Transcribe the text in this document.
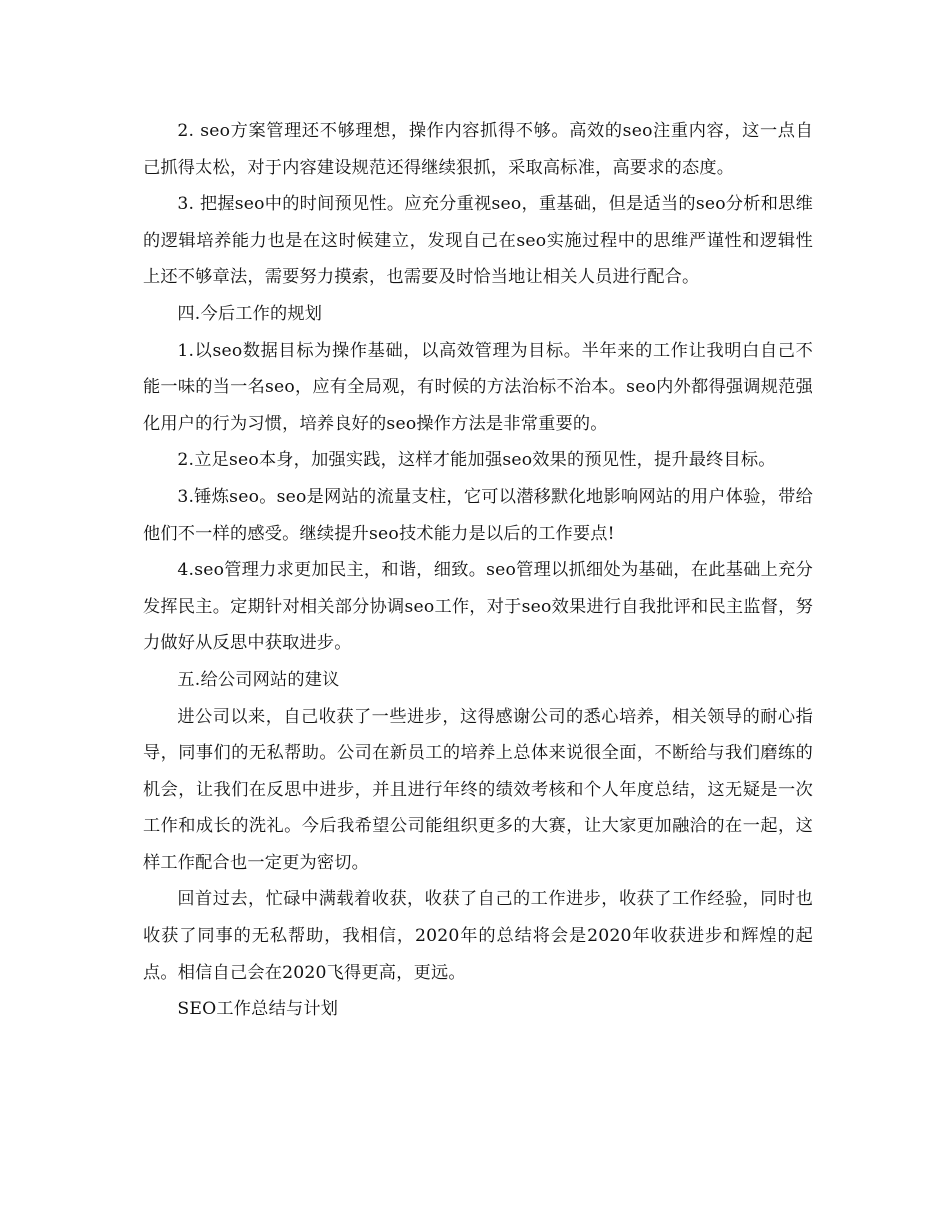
2. seo方案管理还不够理想，操作内容抓得不够。高效的seo注重内容，这一点自己抓得太松，对于内容建设规范还得继续狠抓，采取高标准，高要求的态度。

3. 把握seo中的时间预见性。应充分重视seo，重基础，但是适当的seo分析和思维的逻辑培养能力也是在这时候建立，发现自己在seo实施过程中的思维严谨性和逻辑性上还不够章法，需要努力摸索，也需要及时恰当地让相关人员进行配合。

四.今后工作的规划

1.以seo数据目标为操作基础，以高效管理为目标。半年来的工作让我明白自己不能一味的当一名seo，应有全局观，有时候的方法治标不治本。seo内外都得强调规范强化用户的行为习惯，培养良好的seo操作方法是非常重要的。

2.立足seo本身，加强实践，这样才能加强seo效果的预见性，提升最终目标。

3.锤炼seo。seo是网站的流量支柱，它可以潜移默化地影响网站的用户体验，带给他们不一样的感受。继续提升seo技术能力是以后的工作要点!

4.seo管理力求更加民主，和谐，细致。seo管理以抓细处为基础，在此基础上充分发挥民主。定期针对相关部分协调seo工作，对于seo效果进行自我批评和民主监督，努力做好从反思中获取进步。

五.给公司网站的建议

进公司以来，自己收获了一些进步，这得感谢公司的悉心培养，相关领导的耐心指导，同事们的无私帮助。公司在新员工的培养上总体来说很全面，不断给与我们磨练的机会，让我们在反思中进步，并且进行年终的绩效考核和个人年度总结，这无疑是一次工作和成长的洗礼。今后我希望公司能组织更多的大赛，让大家更加融洽的在一起，这样工作配合也一定更为密切。

回首过去，忙碌中满载着收获，收获了自己的工作进步，收获了工作经验，同时也收获了同事的无私帮助，我相信，2020年的总结将会是2020年收获进步和辉煌的起点。相信自己会在2020飞得更高，更远。

SEO工作总结与计划
